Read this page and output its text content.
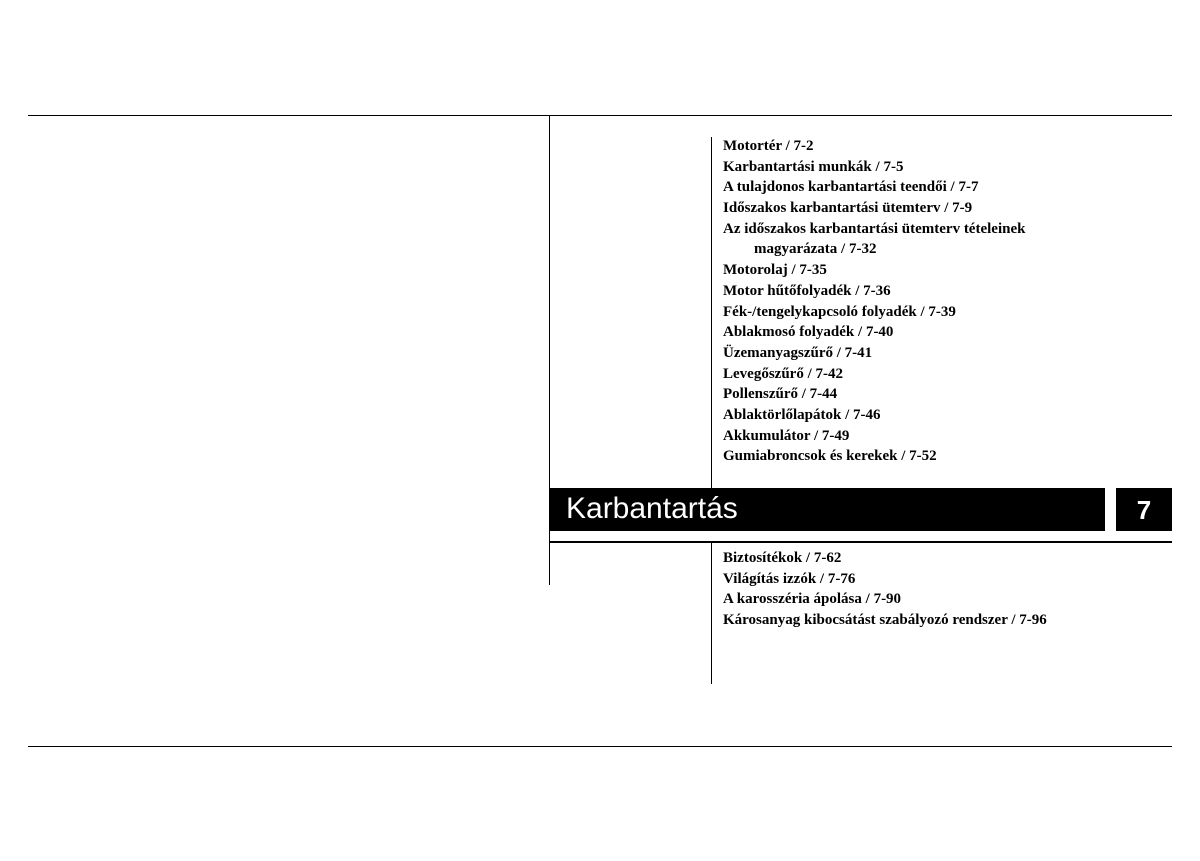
Motortér / 7-2
Karbantartási munkák / 7-5
A tulajdonos karbantartási teendői / 7-7
Időszakos karbantartási ütemterv / 7-9
Az időszakos karbantartási ütemterv tételeinek
magyarázata / 7-32
Motorolaj / 7-35
Motor hűtőfolyadék / 7-36
Fék-/tengelykapcsoló folyadék / 7-39
Ablakmosó folyadék / 7-40
Üzemanyagszűrő / 7-41
Levegőszűrő / 7-42
Pollenszűrő / 7-44
Ablaktörlőlapátok / 7-46
Akkumulátor / 7-49
Gumiabroncsok és kerekek / 7-52
Karbantartás	7
Biztosítékok / 7-62
Világítás izzók / 7-76
A karosszéria ápolása / 7-90
Károsanyag kibocsátást szabályozó rendszer / 7-96
